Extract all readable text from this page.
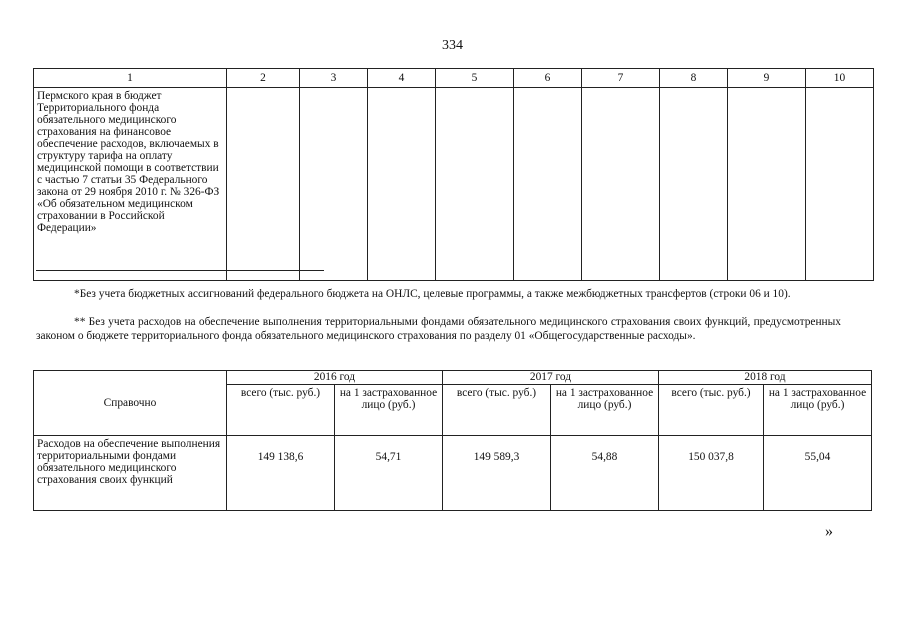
334
1	2	3	4	5	6	7	8	9	10
Пермского края в бюджет Территориального фонда обязательного медицинского страхования на финансовое обеспечение расходов, включаемых в структуру тарифа на оплату медицинской помощи в соответствии с частью 7 статьи 35 Федерального закона от 29 ноября 2010 г. № 326-ФЗ «Об обязательном медицинском страховании в Российской Федерации»									
*Без учета бюджетных ассигнований федерального бюджета на ОНЛС, целевые программы, а также межбюджетных трансфертов (строки 06 и 10).
** Без учета расходов на обеспечение выполнения территориальными фондами обязательного медицинского страхования своих функций, предусмотренных законом о бюджете территориального фонда обязательного медицинского страхования по разделу 01 «Общегосударственные расходы».
Справочно	2016 год		2017 год		2018 год	
	всего (тыс. руб.)	на 1 застрахованное лицо (руб.)	всего (тыс. руб.)	на 1 застрахованное лицо (руб.)	всего (тыс. руб.)	на 1 застрахованное лицо (руб.)
Расходов на обеспечение выполнения территориальными фондами обязательного медицинского страхования своих функций	149 138,6	54,71	149 589,3	54,88	150 037,8	55,04
»
